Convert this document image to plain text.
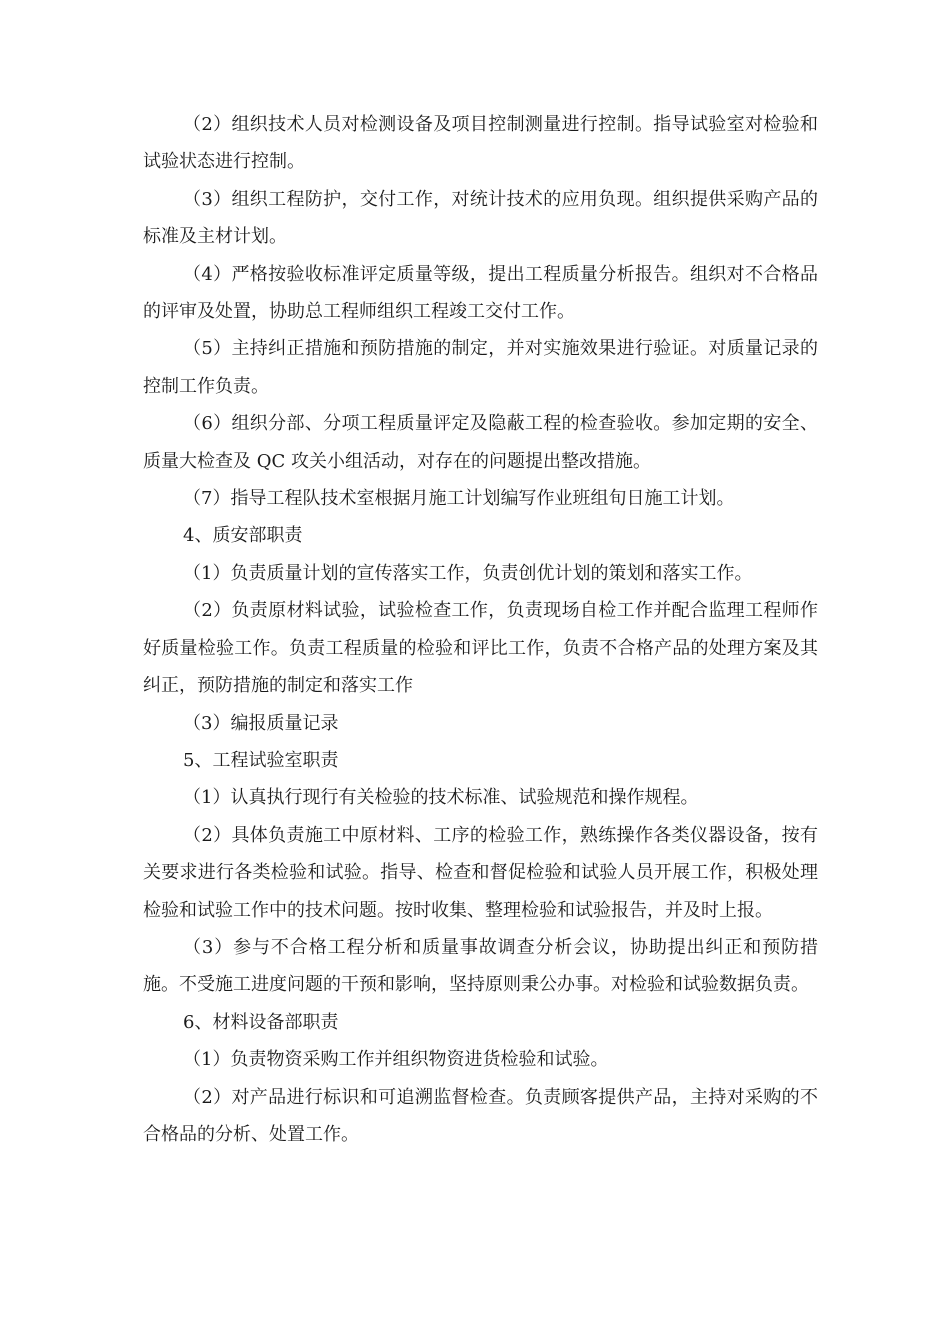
（2）组织技术人员对检测设备及项目控制测量进行控制。指导试验室对检验和试验状态进行控制。

（3）组织工程防护，交付工作，对统计技术的应用负现。组织提供采购产品的标准及主材计划。

（4）严格按验收标准评定质量等级，提出工程质量分析报告。组织对不合格品的评审及处置，协助总工程师组织工程竣工交付工作。

（5）主持纠正措施和预防措施的制定，并对实施效果进行验证。对质量记录的控制工作负责。

（6）组织分部、分项工程质量评定及隐蔽工程的检查验收。参加定期的安全、质量大检查及 QC 攻关小组活动，对存在的问题提出整改措施。

（7）指导工程队技术室根据月施工计划编写作业班组旬日施工计划。

4、质安部职责

（1）负责质量计划的宣传落实工作，负责创优计划的策划和落实工作。

（2）负责原材料试验，试验检查工作，负责现场自检工作并配合监理工程师作好质量检验工作。负责工程质量的检验和评比工作，负责不合格产品的处理方案及其纠正，预防措施的制定和落实工作

（3）编报质量记录

5、工程试验室职责

（1）认真执行现行有关检验的技术标准、试验规范和操作规程。

（2）具体负责施工中原材料、工序的检验工作，熟练操作各类仪器设备，按有关要求进行各类检验和试验。指导、检查和督促检验和试验人员开展工作，积极处理检验和试验工作中的技术问题。按时收集、整理检验和试验报告，并及时上报。

（3）参与不合格工程分析和质量事故调查分析会议，协助提出纠正和预防措施。不受施工进度问题的干预和影响，坚持原则秉公办事。对检验和试验数据负责。

6、材料设备部职责

（1）负责物资采购工作并组织物资进货检验和试验。

（2）对产品进行标识和可追溯监督检查。负责顾客提供产品，主持对采购的不合格品的分析、处置工作。
